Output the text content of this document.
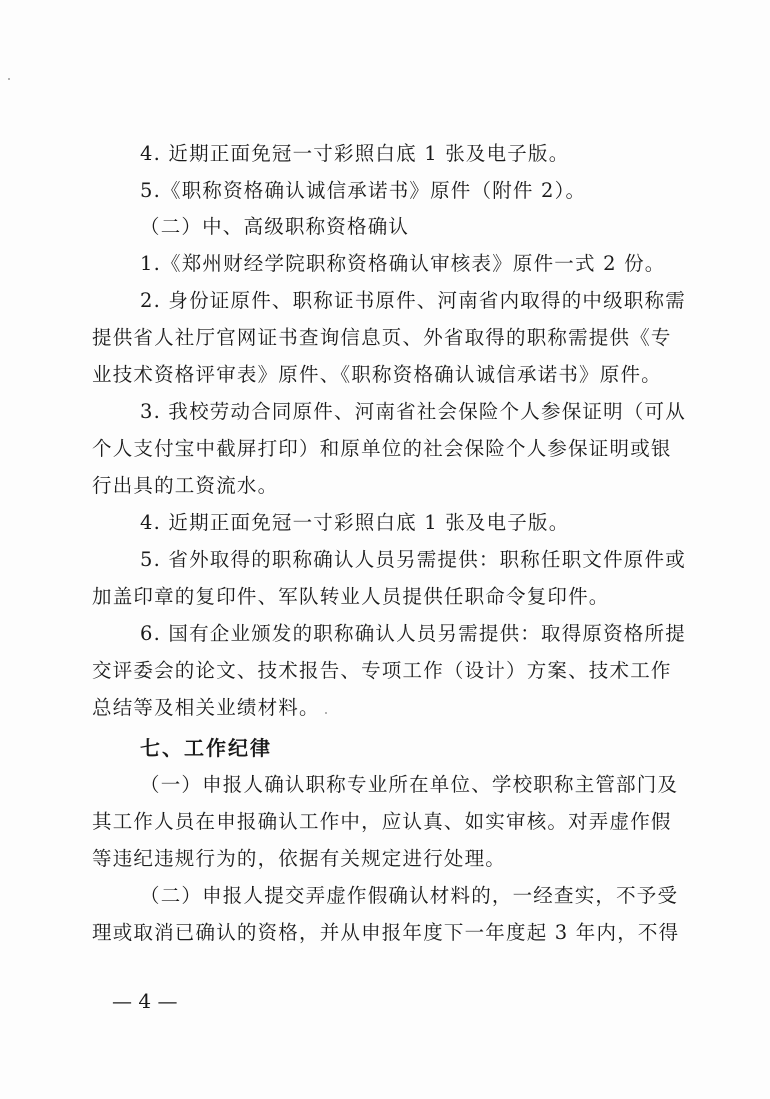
4. 近期正面免冠一寸彩照白底 1 张及电子版。
5.《职称资格确认诚信承诺书》原件（附件 2）。
（二）中、高级职称资格确认
1.《郑州财经学院职称资格确认审核表》原件一式 2 份。
2. 身份证原件、职称证书原件、河南省内取得的中级职称需
提供省人社厅官网证书查询信息页、外省取得的职称需提供《专
业技术资格评审表》原件、《职称资格确认诚信承诺书》原件。
3. 我校劳动合同原件、河南省社会保险个人参保证明（可从
个人支付宝中截屏打印）和原单位的社会保险个人参保证明或银
行出具的工资流水。
4. 近期正面免冠一寸彩照白底 1 张及电子版。
5. 省外取得的职称确认人员另需提供：职称任职文件原件或
加盖印章的复印件、军队转业人员提供任职命令复印件。
6. 国有企业颁发的职称确认人员另需提供：取得原资格所提
交评委会的论文、技术报告、专项工作（设计）方案、技术工作
总结等及相关业绩材料。
七、工作纪律
（一）申报人确认职称专业所在单位、学校职称主管部门及
其工作人员在申报确认工作中，应认真、如实审核。对弄虚作假
等违纪违规行为的，依据有关规定进行处理。
（二）申报人提交弄虚作假确认材料的，一经查实，不予受
理或取消已确认的资格，并从申报年度下一年度起 3 年内，不得
— 4 —
